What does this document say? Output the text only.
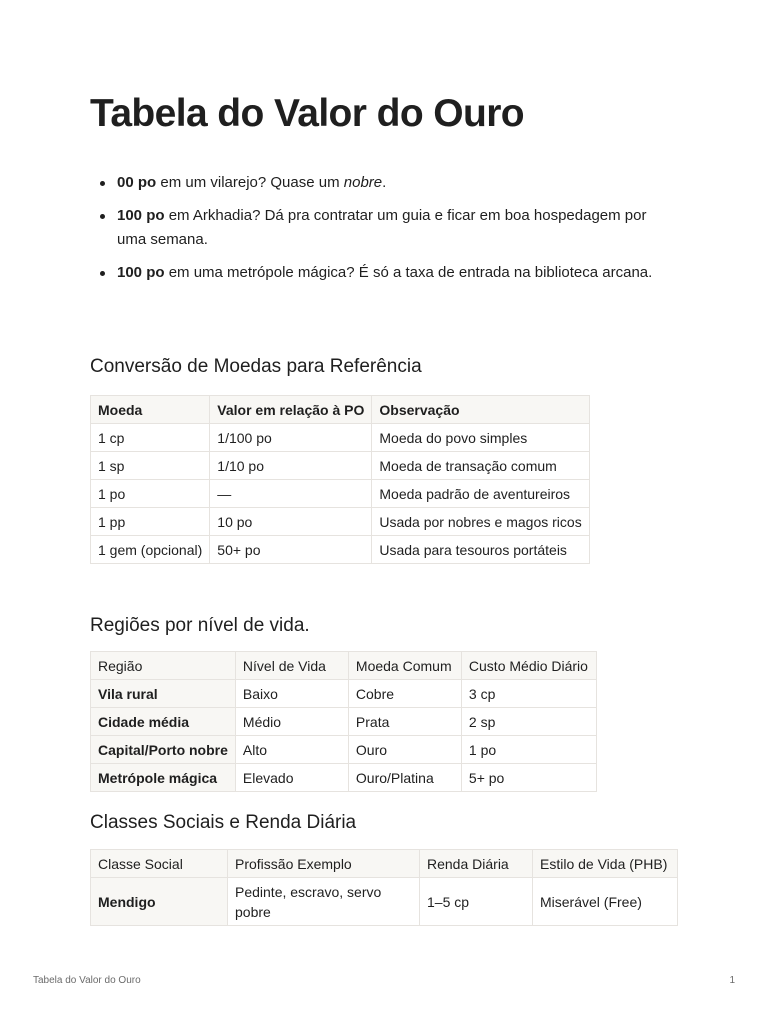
Tabela do Valor do Ouro
00 po em um vilarejo? Quase um nobre.
100 po em Arkhadia? Dá pra contratar um guia e ficar em boa hospedagem por uma semana.
100 po em uma metrópole mágica? É só a taxa de entrada na biblioteca arcana.
Conversão de Moedas para Referência
Moeda	Valor em relação à PO	Observação
1 cp	1/100 po	Moeda do povo simples
1 sp	1/10 po	Moeda de transação comum
1 po	—	Moeda padrão de aventureiros
1 pp	10 po	Usada por nobres e magos ricos
1 gem (opcional)	50+ po	Usada para tesouros portáteis
Regiões por nível de vida.
Região	Nível de Vida	Moeda Comum	Custo Médio Diário
Vila rural	Baixo	Cobre	3 cp
Cidade média	Médio	Prata	2 sp
Capital/Porto nobre	Alto	Ouro	1 po
Metrópole mágica	Elevado	Ouro/Platina	5+ po
Classes Sociais e Renda Diária
Classe Social	Profissão Exemplo	Renda Diária	Estilo de Vida (PHB)
Mendigo	Pedinte, escravo, servo pobre	1–5 cp	Miserável (Free)
Tabela do Valor do Ouro	1
